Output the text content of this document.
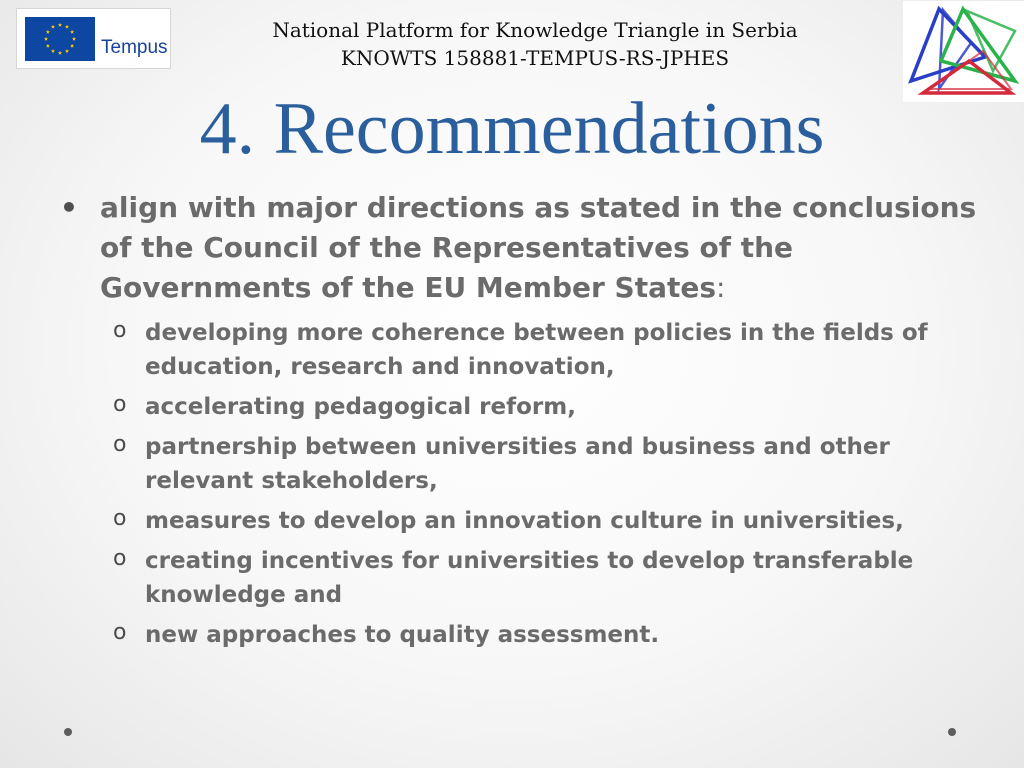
Tempus
National Platform for Knowledge Triangle in Serbia
KNOWTS 158881-TEMPUS-RS-JPHES
4. Recommendations
• align with major directions as stated in the conclusions of the Council of the Representatives of the Governments of the EU Member States:
o developing more coherence between policies in the fields of education, research and innovation,
o accelerating pedagogical reform,
o partnership between universities and business and other relevant stakeholders,
o measures to develop an innovation culture in universities,
o creating incentives for universities to develop transferable knowledge and
o new approaches to quality assessment.
